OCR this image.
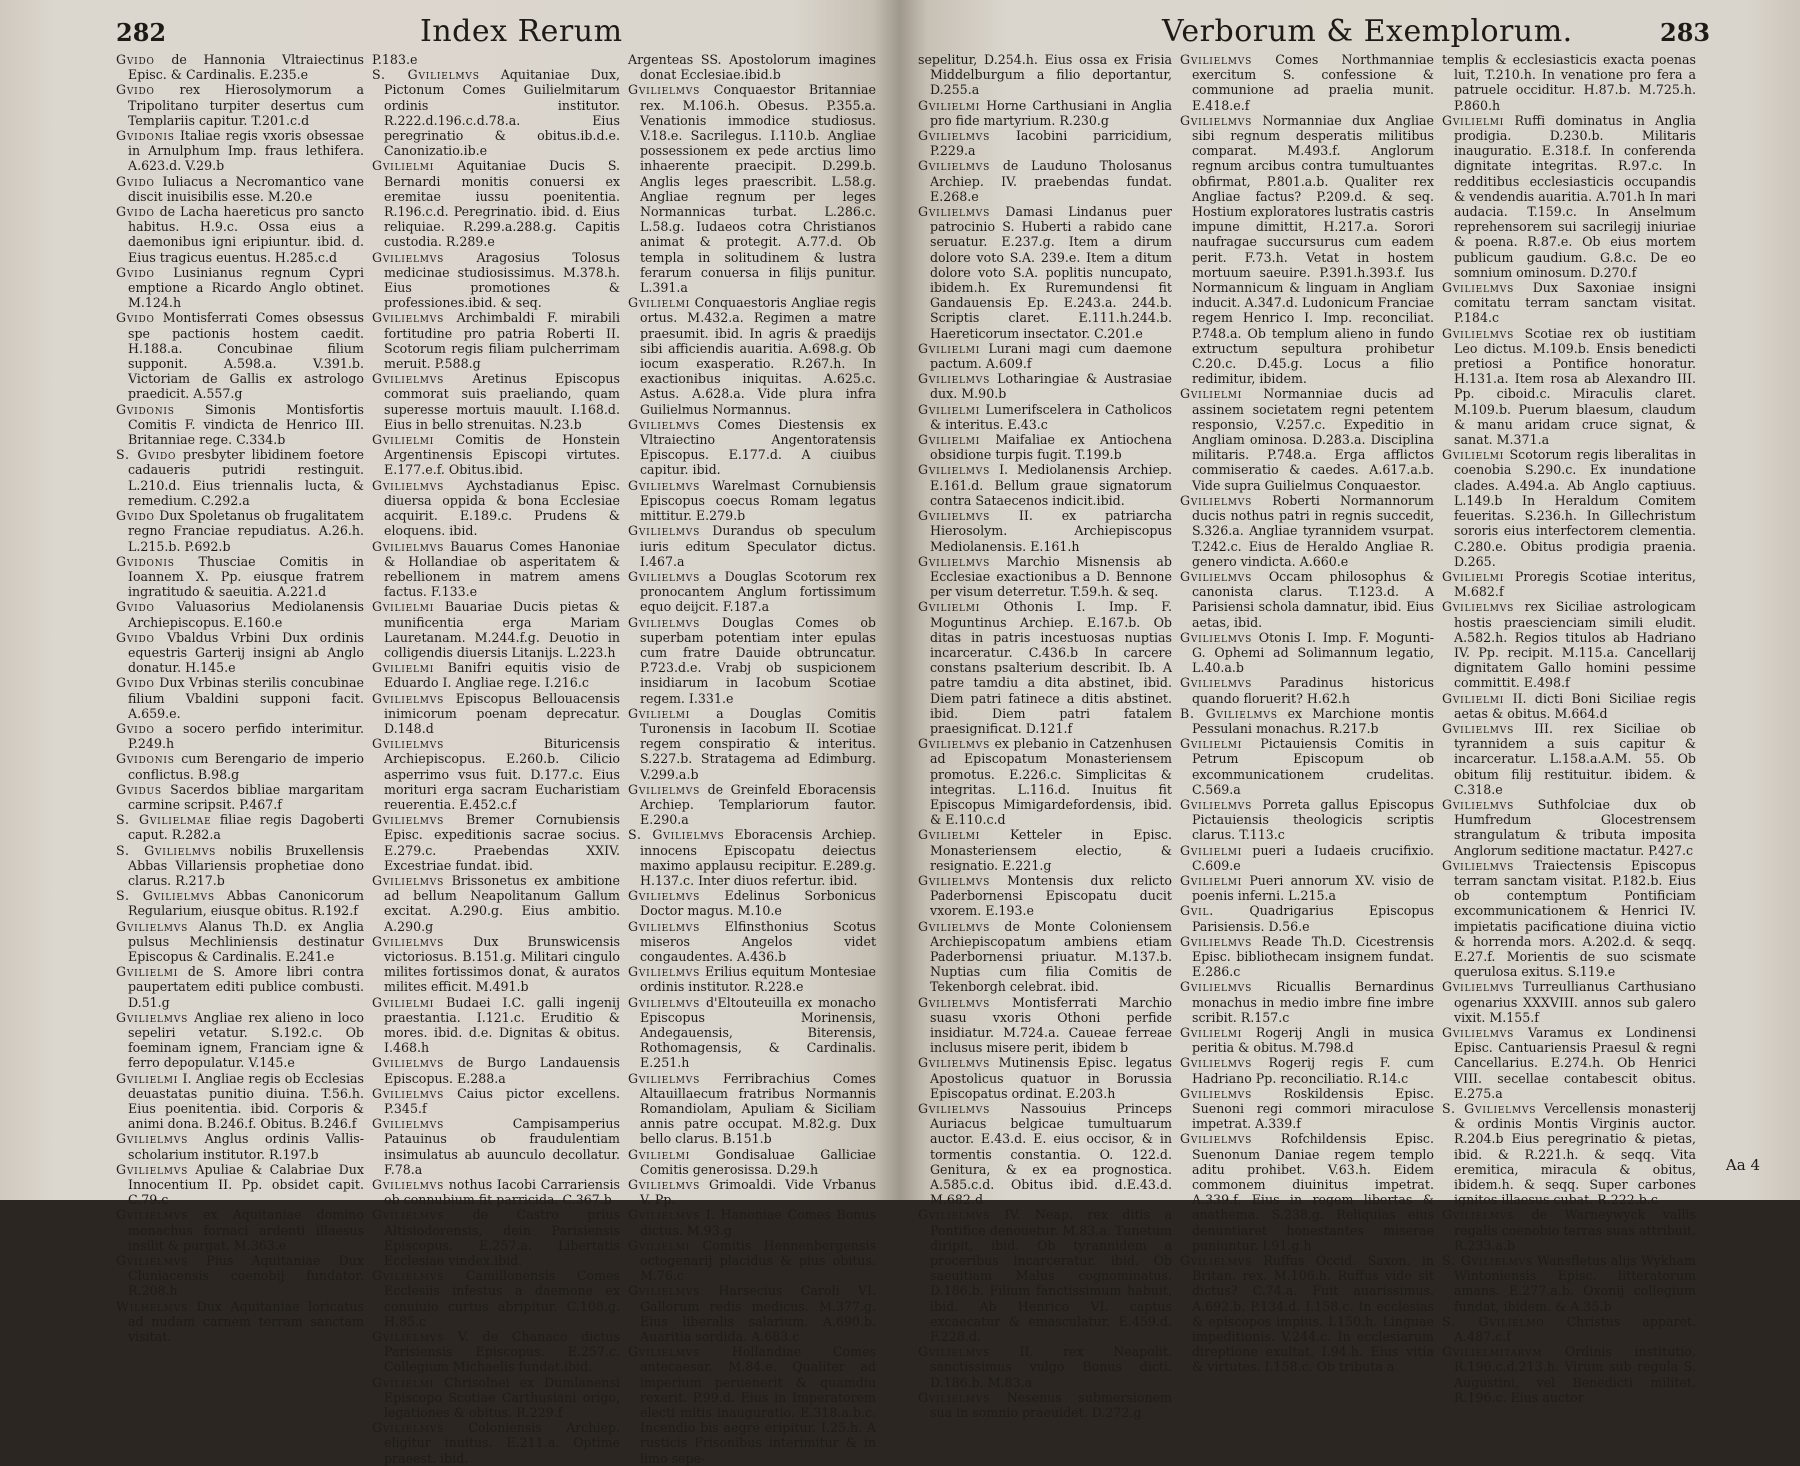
282	Index Rerum
Gvido de Hannonia Vltraiectinus Episc. & Cardinalis. E.235.e
Gvido rex Hierosolymorum a Tripolitano turpiter desertus cum Templariis capitur. T.201.c.d
Gvidonis Italiae regis vxoris obsessae in Arnulphum Imp. fraus lethifera. A.623.d. V.29.b
Gvido Iuliacus a Necromantico vane discit inuisibilis esse. M.20.e
Gvido de Lacha haereticus pro sancto habitus. H.9.c. Ossa eius a daemonibus igni eripiuntur. ibid. d. Eius tragicus euentus. H.285.c.d
Gvido Lusinianus regnum Cypri emptione a Ricardo Anglo obtinet. M.124.h
Gvido Montisferrati Comes obsessus spe pactionis hostem caedit. H.188.a. Concubinae filium supponit. A.598.a. V.391.b. Victoriam de Gallis ex astrologo praedicit. A.557.g
Gvidonis Simonis Montisfortis Comitis F. vindicta de Henrico III. Britanniae rege. C.334.b
S. Gvido presbyter libidinem foetore cadaueris putridi restinguit. L.210.d. Eius triennalis lucta, & remedium. C.292.a
Gvido Dux Spoletanus ob frugalitatem regno Franciae repudiatus. A.26.h. L.215.b. P.692.b
Gvidonis Thusciae Comitis in Ioannem X. Pp. eiusque fratrem ingratitudo & saeuitia. A.221.d
Gvido Valuasorius Mediolanensis Archiepiscopus. E.160.e
Gvido Vbaldus Vrbini Dux ordinis equestris Garterij insigni ab Anglo donatur. H.145.e
Gvido Dux Vrbinas sterilis concubinae filium Vbaldini supponi facit. A.659.e.
Gvido a socero perfido interimitur. P.249.h
Gvidonis cum Berengario de imperio conflictus. B.98.g
Gvidus Sacerdos bibliae margaritam carmine scripsit. P.467.f
S. Gvilielmae filiae regis Dagoberti caput. R.282.a
S. Gvilielmvs nobilis Bruxellensis Abbas Villariensis prophetiae dono clarus. R.217.b
S. Gvilielmvs Abbas Canonicorum Regularium, eiusque obitus. R.192.f
Gvilielmvs Alanus Th.D. ex Anglia pulsus Mechliniensis destinatur Episcopus & Cardinalis. E.241.e
Gvilielmi de S. Amore libri contra paupertatem editi publice combusti. D.51.g
Gvilielmvs Angliae rex alieno in loco sepeliri vetatur. S.192.c. Ob foeminam ignem, Franciam igne & ferro depopulatur. V.145.e
Gvilielmi I. Angliae regis ob Ecclesias deuastatas punitio diuina. T.56.h. Eius poenitentia. ibid. Corporis & animi dona. B.246.f. Obitus. B.246.f
Gvilielmvs Anglus ordinis Vallis-scholarium institutor. R.197.b
Gvilielmvs Apuliae & Calabriae Dux Innocentium II. Pp. obsidet capit. C.79.c
Gvilielmvs ex Aquitaniae domino monachus fornaci ardenti illaesus insilit & purgat. M.363.e
Gvilielmvs Pius Aquitaniae Dux Cluniacensis coenobij fundator. R.208.h
Wilhelmvs Dux Aquitaniae loricatus ad nudam carnem terram sanctam visitat.
P.183.e
S. Gvilielmvs Aquitaniae Dux, Pictonum Comes Guilielmitarum ordinis institutor. R.222.d.196.c.d.78.a. Eius peregrinatio & obitus.ib.d.e. Canonizatio.ib.e
Gvilielmi Aquitaniae Ducis S. Bernardi monitis conuersi ex eremitae iussu poenitentia. R.196.c.d. Peregrinatio. ibid. d. Eius reliquiae. R.299.a.288.g. Capitis custodia. R.289.e
Gvilielmvs	Aragosius Tolosus medicinae studiosissimus. M.378.h. Eius promotiones & professiones.ibid. & seq.
Gvilielmvs Archimbaldi F. mirabili fortitudine pro patria Roberti II. Scotorum regis filiam pulcherrimam meruit. P.588.g
Gvilielmvs Aretinus Episcopus commorat suis praeliando, quam superesse mortuis mauult. I.168.d. Eius in bello strenuitas. N.23.b
Gvilielmi Comitis de Honstein Argentinensis Episcopi virtutes. E.177.e.f. Obitus.ibid.
Gvilielmvs Aychstadianus Episc. diuersa oppida & bona Ecclesiae acquirit. E.189.c. Prudens & eloquens. ibid.
Gvilielmvs Bauarus Comes Hanoniae & Hollandiae ob asperitatem & rebellionem in matrem amens factus. F.133.e
Gvilielmi Bauariae Ducis pietas & munificentia erga Mariam Lauretanam. M.244.f.g. Deuotio in colligendis diuersis Litanijs. L.223.h
Gvilielmi Banifri equitis visio de Eduardo I. Angliae rege. I.216.c
Gvilielmvs Episcopus Bellouacensis inimicorum poenam deprecatur. D.148.d
Gvilielmvs	Bituricensis Archiepiscopus. E.260.b. Cilicio asperrimo vsus fuit. D.177.c. Eius moriturі erga sacram Eucharistiam reuerentia. E.452.c.f
Gvilielmvs Bremer Cornubiensis Episc. expeditionis sacrae socius. E.279.c. Praebendas XXIV. Excestriae fundat. ibid.
Gvilielmvs Brissonetus ex ambitione ad bellum Neapolitanum Gallum excitat. A.290.g. Eius ambitio. A.290.g
Gvilielmvs Dux Brunswicensis victoriosus. B.151.g. Militari cingulo milites fortissimos donat, & auratos milites efficit. M.491.b
Gvilielmi Budaei I.C. galli ingenij praestantia. I.121.c. Eruditio & mores. ibid. d.e. Dignitas & obitus. I.468.h
Gvilielmvs de Burgo Landauensis Episcopus. E.288.a
Gvilielmvs Caius pictor excellens. P.345.f
Gvilielmvs	Campisamperius Patauinus ob fraudulentiam insimulatus ab auunculo decollatur. F.78.a
Gvilielmvs nothus Iacobi Carrariensis ob connubium fit parricida. C.367.b
Gvilielmvs de Castro prius Altisiodorensis, dein Parisiensis Episcopus. E.257.a. Libertatis Ecclesiae vindex.ibid.
Gvilielmvs Camillonensis Comes Ecclesiis infestus a daemone ex conuiuio curtus abripitur. C.108.g. H.85.c
Gvilielmvs V. de Chanaco dictus Parisiensis Episcopus. E.257.c. Collegium Michaelis fundat.ibid.
Gvilielmi Chrisolnei ex Dumlanensi Episcopo Scotiae Carthusiani origo, legationes & obitus. R.229.f
Gvilielmvs Coloniensis Archiep. eligitur inuitus. E.211.a. Optime praeest. ibid.
Argenteas SS. Apostolorum imagines donat Ecclesiae.ibid.b
Gvilielmvs Conquaestor Britanniae rex. M.106.h. Obesus. P.355.a. Venationis immodice studiosus. V.18.e. Sacrilegus. I.110.b. Angliae possessionem ex pede arctius limo inhaerente praecipit. D.299.b. Anglis leges praescribit. L.58.g. Angliae regnum per leges Normannicas turbat. L.286.c. L.58.g. Iudaeos cotra Christianos animat & protegit. A.77.d. Ob templa in solitudinem & lustra ferarum conuersa in filijs punitur. L.391.a
Gvilielmi Conquaestoris Angliae regis ortus. M.432.a. Regimen a matre praesumit. ibid. In agris & praedijs sibi afficiendis auaritia. A.698.g. Ob iocum exasperatio. R.267.h. In exactionibus iniquitas. A.625.c. Astus. A.628.a. Vide plura infra Guilielmus Normannus.
Gvilielmvs Comes Diestensis ex Vltraiectino Angentoratensis Episcopus. E.177.d. A ciuibus capitur. ibid.
Gvilielmvs Warelmast Cornubiensis Episcopus coecus Romam legatus mittitur. E.279.b
Gvilielmvs Durandus ob speculum iuris editum Speculator dictus. I.467.a
Gvilielmvs a Douglas Scotorum rex pronocantem Anglum fortissimum equo deijcit. F.187.a
Gvilielmvs Douglas Comes ob superbam potentiam inter epulas cum fratre Dauide obtruncatur. P.723.d.e. Vrabj ob suspicionem insidiarum in Iacobum Scotiae regem. I.331.e
Gvilielmi a Douglas Comitis Turonensis in Iacobum II. Scotiae regem conspiratio & interitus. S.227.b. Stratagema ad Edimburg. V.299.a.b
Gvilielmvs de Greinfeld Eboracensis Archiep. Templariorum fautor. E.290.a
S. Gvilielmvs Eboracensis Archiep. innocens Episcopatu deiectus maximo applausu recipitur. E.289.g. H.137.c. Inter diuos refertur. ibid.
Gvilielmvs Edelinus Sorbonicus Doctor magus. M.10.e
Gvilielmvs Elfinsthonius Scotus miseros Angelos videt congaudentes. A.436.b
Gvilielmvs Erilius equitum Montesiae ordinis institutor. R.228.e
Gvilielmvs d'Eltouteuilla ex monacho Episcopus Morinensis, Andegauensis, Biterensis, Rothomagensis, & Cardinalis. E.251.h
Gvilielmvs Ferribrachius Comes Altauillaecum fratribus Normannis Romandiolam, Apuliam & Siciliam annis patre occupat. M.82.g. Dux bello clarus. B.151.b
Gvilielmi Gondisaluae Galliciae Comitis generosissa. D.29.h
Gvilielmvs Grimoaldi. Vide Vrbanus V. Pp.
Gvilielmvs I. Hanoniae Comes Bonus dictus. M.93.g
Gvilielmi Comitis Hennenbergensis octogenarij placidus & pius obitus. M.76.c
Gvilielmvs Harsecius Caroli VI. Gallorum redis medicus. M.377.g. Eius liberalis salarium. A.690.b. Auaritia sordida. A.683.c
Gvilielmvs	Hollandiae Comes antecaesar. M.84.e. Qualiter ad imperium peruenerit & quamdiu rexerit. P.99.d. Eius in Imperatorem electi mitis inauguratio. E.318.a.b.c. Incendio bis aegre eripitur. I.25.h. A rusticis Frisonibus interimitur & in limo sepe-
Verborum & Exemplorum.	283
sepelitur, D.254.h. Eius ossa ex Frisia Middelburgum a filio deportantur, D.255.a
Gvilielmi Horne Carthusiani in Anglia pro fide martyrium. R.230.g
Gvilielmvs Iacobini parricidium, P.229.a
Gvilielmvs de Lauduno Tholosanus Archiep. IV. praebendas fundat. E.268.e
Gvilielmvs Damasi Lindanus puer patrocinio S. Huberti a rabido cane seruatur. E.237.g. Item a dirum dolore voto S.A. 239.e. Item a ditum dolore voto S.A. poplitis nuncupato, ibidem.h. Ex Ruremundensi fit Gandauensis Ep. E.243.a. 244.b. Scriptis claret. E.111.h.244.b. Haereticorum insectator. C.201.e
Gvilielmi Lurani magi cum daemone pactum. A.609.f
Gvilielmvs Lotharingiae & Austrasiae dux. M.90.b
Gvilielmi Lumerifscelera in Catholicos & interitus. E.43.c
Gvilielmi Maifaliae ex Antiochena obsidione turpis fugit. T.199.b
Gvilielmvs I. Mediolanensis Archiep. E.161.d. Bellum graue signatorum contra Sataecenos indicit.ibid.
Gvilielmvs II. ex patriarcha Hierosolym. Archiepiscopus Mediolanensis. E.161.h
Gvilielmvs Marchio Misnensis ab Ecclesiae exactionibus a D. Bennone per visum deterretur. T.59.h. & seq.
Gvilielmi Othonis I. Imp. F. Moguntinus Archiep. E.167.b. Ob ditas in patris incestuosas nuptias incarceratur. C.436.b In carcere constans psalterium describit. Ib. A patre tamdiu a dita abstinet, ibid. Diem patri fatinece a ditis abstinet. ibid. Diem patri fatalem praesignificat. D.121.f
Gvilielmvs ex plebanio in Catzenhusen ad Episcopatum Monasteriensem promotus. E.226.c. Simplicitas & integritas. L.116.d. Inuitus fit Episcopus Mimigardefordensis, ibid. & E.110.c.d
Gvilielmi Ketteler in Episc. Monasteriensem electio, & resignatio. E.221.g
Gvilielmvs Montensis dux relicto Paderbornensi Episcopatu ducit vxorem. E.193.e
Gvilielmvs de Monte Coloniensem Archiepiscopatum ambiens etiam Paderbornensi priuatur. M.137.b. Nuptias cum filia Comitis de Tekenborgh celebrat. ibid.
Gvilielmvs Montisferrati Marchio suasu vxoris Othoni perfide insidiatur. M.724.a. Caueae ferreae inclusus misere perit, ibidem b
Gvilielmvs Mutinensis Episc. legatus Apostolicus quatuor in Borussia Episcopatus ordinat. E.203.h
Gvilielmvs Nassouius Princeps Auriacus belgicae tumultuarum auctor. E.43.d. E. eius occisor, & in tormentis constantia. O. 122.d. Genitura, & ex ea prognostica. A.585.c.d. Obitus ibid. d.E.43.d. M.682.d
Gvilielmvs IV. Neap. rex ditis a Pontifice denouetur. M.83.a. Tunetum diripit, ibid. Ob tyrannidem a proceribus incarceratur. ibid. Ob saeuitiam Malus cognominatus. D.186.b. Filium fanctissimum habuit, ibid. Ab Henrico VI. captus excaecatur & emasculatur. E.459.d. F.228.d.
Gvilielmvs II. rex Neapolit. sanctissimus vulgo Bonus dicti. D.186.b. M.83.a
Gvilielmvs Nesenus submersionem sua in somnio praeuidet. D.272.g
Gvilielmvs Comes Northmanniae exercitum S. confessione & communione ad praelia munit. E.418.e.f
Gvilielmvs Normanniae dux Angliae sibi regnum desperatis militibus comparat. M.493.f. Anglorum regnum arcibus contra tumultuantes obfirmat, P.801.a.b. Qualiter rex Angliae factus? P.209.d. & seq. Hostium exploratores lustratis castris impune dimittit, H.217.a. Sorori naufragae succursurus cum eadem perit. F.73.h. Vetat in hostem mortuum saeuire. P.391.h.393.f. Ius Normannicum & linguam in Angliam inducit. A.347.d. Ludonicum Franciae regem Henrico I. Imp. reconciliat. P.748.a. Ob templum alieno in fundo extructum sepultura prohibetur C.20.c. D.45.g. Locus a filio redimitur, ibidem.
Gvilielmi Normanniae ducis ad assinem societatem regni petentem responsio, V.257.c. Expeditio in Angliam ominosa. D.283.a. Disciplina militaris. P.748.a. Erga afflictos commiseratio & caedes. A.617.a.b. Vide supra Guilielmus Conquaestor.
Gvilielmvs Roberti Normannorum ducis nothus patri in regnis succedit, S.326.a. Angliae tyrannidem vsurpat. T.242.c. Eius de Heraldo Angliae R. genero vindicta. A.660.e
Gvilielmvs Occam philosophus & canonista clarus. T.123.d. A Parisiensi schola damnatur, ibid. Eius aetas, ibid.
Gvilielmvs Otonis I. Imp. F. Mogunti- G. Ophemi ad Solimannum legatio, L.40.a.b
Gvilielmvs Paradinus historicus quando floruerit? H.62.h
B. Gvilielmvs ex Marchione montis Pessulani monachus. R.217.b
Gvilielmi Pictauiensis Comitis in Petrum Episcopum ob excommunicationem crudelitas. C.569.a
Gvilielmvs Porreta gallus Episcopus Pictauiensis theologicis scriptis clarus. T.113.c
Gvilielmi pueri a Iudaeis crucifixio. C.609.e
Gvilielmi Pueri annorum XV. visio de poenis inferni. L.215.a
Gvil.	Quadrigarius Episcopus Parisiensis. D.56.e
Gvilielmvs Reade Th.D. Cicestrensis Episc. bibliothecam insignem fundat. E.286.c
Gvilielmvs Ricuallis Bernardinus monachus in medio imbre fine imbre scribit. R.157.c
Gvilielmi Rogerij Angli in musica peritia & obitus. M.798.d
Gvilielmvs Rogerij regis F. cum Hadriano Pp. reconciliatio. R.14.c
Gvilielmvs	Roskildensis Episc. Suenoni regi commori miraculose impetrat. A.339.f
Gvilielmvs Rofchildensis Episc. Suenonum Daniae regem templo aditu prohibet. V.63.h. Eidem commonem diuinitus impetrat. A.339.f. Eius in regem libertas & anathema. S.238.g. Reliquias eius denuntiaret honestantes miserae puniuntur. I.91.g.h
Gvilielmvs Ruffus Occid. Saxon. in Britan. rex. M.106.h. Ruffus vide sit dictus? C.74.a. Fuit auarissimus. A.692.b. P.134.d. I.158.c. In ecclesias & episcopos impius. I.150.h. Linguae impeditionis. V.244.c. In ecclesiarum direptione exultat. I.94.h. Eius vitia & virtutes. I.158.c. Ob tributa a
templis & ecclesiasticis exacta poenas luit, T.210.h. In venatione pro fera a patruele occiditur. H.87.b. M.725.h. P.860.h
Gvilielmi Ruffi dominatus in Anglia prodigia. D.230.b. Militaris inauguratio. E.318.f. In conferenda dignitate integritas. R.97.c. In redditibus ecclesiasticis occupandis & vendendis auaritia. A.701.h In mari audacia. T.159.c. In Anselmum reprehensorem sui sacrilegij iniuriae & poena. R.87.e. Ob eius mortem publicum gaudium. G.8.c. De eo somnium ominosum. D.270.f
Gvilielmvs Dux Saxoniae insigni comitatu terram sanctam visitat. P.184.c
Gvilielmvs Scotiae rex ob iustitiam Leo dictus. M.109.b. Ensis benedicti pretiosi a Pontifice honoratur. H.131.a. Item rosa ab Alexandro III. Pp. ciboid.c. Miraculis claret. M.109.b. Puerum blaesum, claudum & manu aridam cruce signat, & sanat. M.371.a
Gvilielmi Scotorum regis liberalitas in coenobia S.290.c. Ex inundatione clades. A.494.a. Ab Anglo captiuus. L.149.b In Heraldum Comitem feueritas. S.236.h. In Gillechristum sororis eius interfectorem clementia. C.280.e. Obitus prodigia praenia. D.265.
Gvilielmi Proregis Scotiae interitus, M.682.f
Gvilielmvs rex Siciliae astrologicam hostis praescienciam simili eludit. A.582.h. Regios titulos ab Hadriano IV. Pp. recipit. M.115.a. Cancellarij dignitatem Gallo homini pessime committit. E.498.f
Gvilielmi II. dicti Boni Siciliae regis aetas & obitus. M.664.d
Gvilielmvs III. rex Siciliae ob tyrannidem a suis capitur & incarceratur. L.158.a.A.M. 55. Ob obitum filij restituitur. ibidem. & C.318.e
Gvilielmvs Suthfolciae dux ob Humfredum Glocestrensem strangulatum & tributa imposita Anglorum seditione mactatur. P.427.c
Gvilielmvs Traiectensis Episcopus terram sanctam visitat. P.182.b. Eius ob contemptum Pontificiam excommunicationem & Henrici IV. impietatis pacificatione diuina victio & horrenda mors. A.202.d. & seqq. E.27.f. Morientis de suo scismate querulosa exitus. S.119.e
Gvilielmvs Turreullianus Carthusiano ogenarius XXXVIII. annos sub galero vixit. M.155.f
Gvilielmvs Varamus ex Londinensi Episc. Cantuariensis Praesul & regni Cancellarius. E.274.h. Ob Henrici VIII. secellae contabescit obitus. E.275.a
S. Gvilielmvs Vercellensis monasterij & ordinis Montis Virginis auctor. R.204.b Eius peregrinatio & pietas, ibid. & R.221.h. & seqq. Vita eremitica, miracula & obitus, ibidem.h. & seqq. Super carbones ignitos illaesus cubat. R.222.b.c
Gvilielmvs de Warneywyck vallis regalis coenobio terras suas attribuit. R.233.a.b
S. Gvilielmvs Wansfletus alijs Wykham Wintoniensis Episc. litteratorum amans. E.277.a.b. Oxonij collegium fundat, ibidem. & A.35.b
S. Gvilielmo Christus apparet. A.487.c.f
Gvilielmitarvm Ordinis institutio, R.196.c.d.213.h. Virum sub regula S. Augustini, vel Benedicti militet. R.196.c. Eius auctor
Aa 4
